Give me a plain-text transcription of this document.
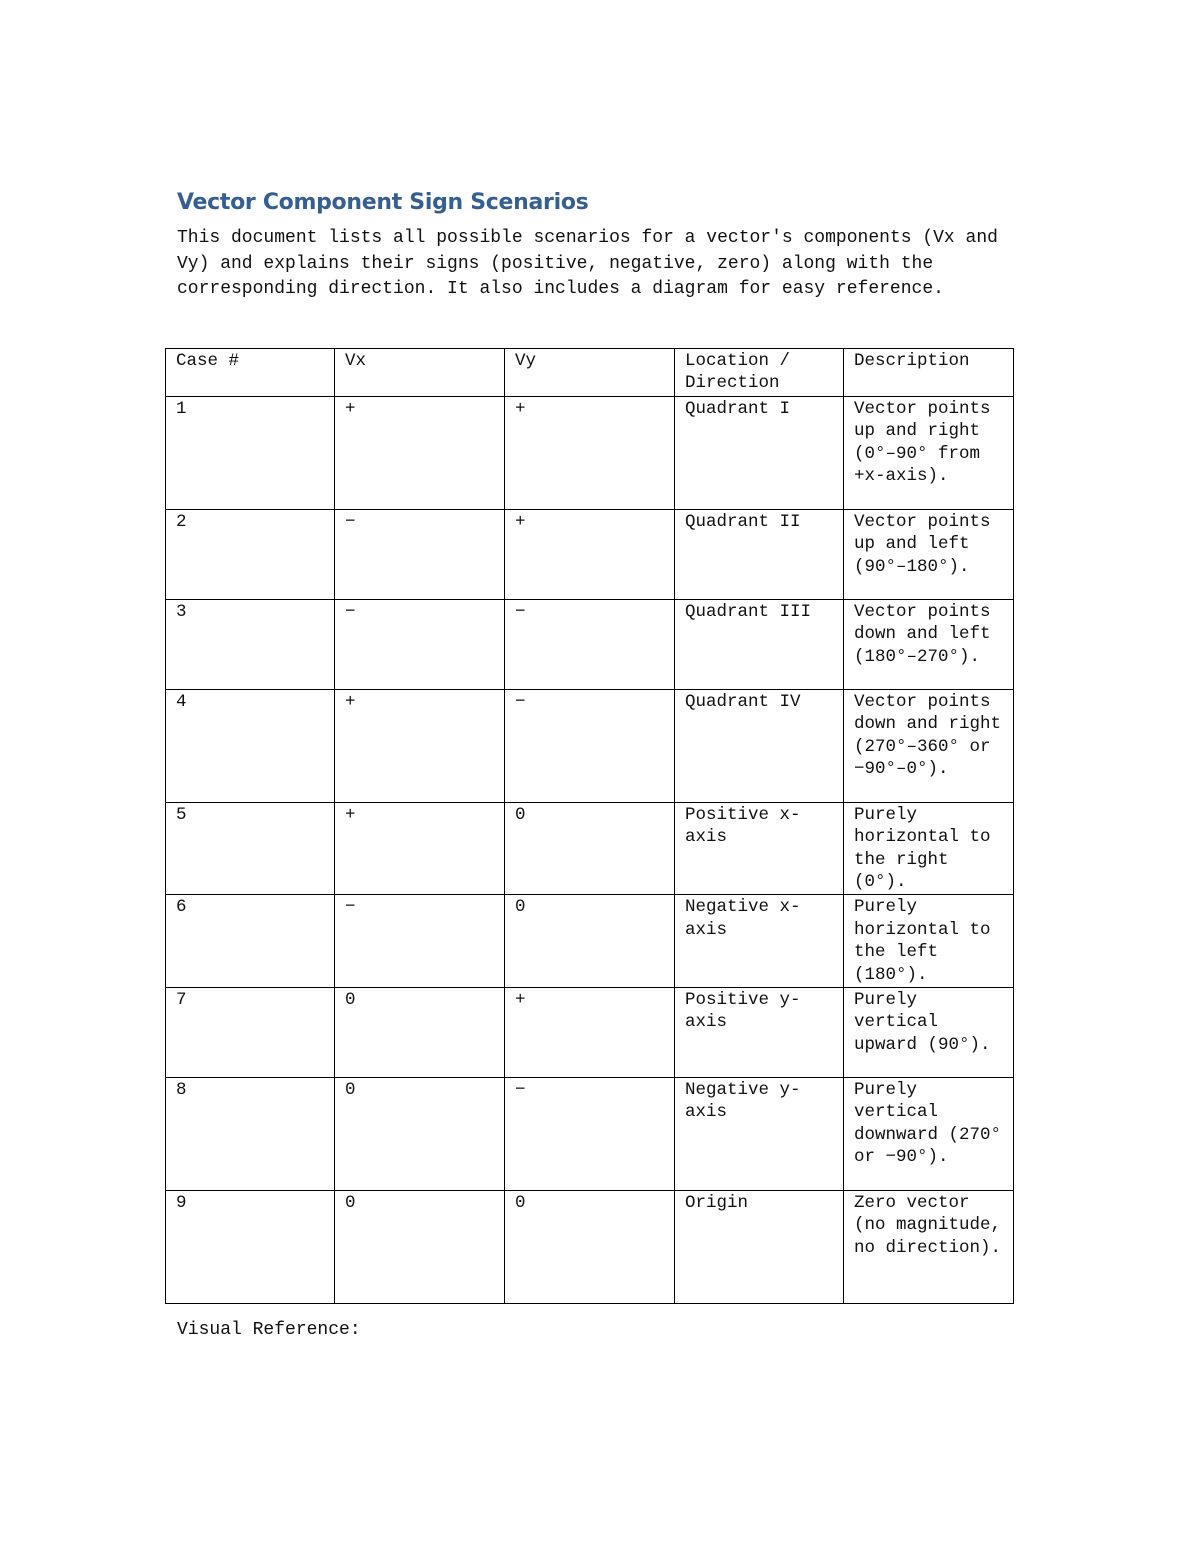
Vector Component Sign Scenarios

This document lists all possible scenarios for a vector's components (Vx and Vy) and explains their signs (positive, negative, zero) along with the corresponding direction. It also includes a diagram for easy reference.

Case #	Vx	Vy	Location / Direction	Description
1	+	+	Quadrant I	Vector points up and right (0°–90° from +x-axis).
2	−	+	Quadrant II	Vector points up and left (90°–180°).
3	−	−	Quadrant III	Vector points down and left (180°–270°).
4	+	−	Quadrant IV	Vector points down and right (270°–360° or −90°–0°).
5	+	0	Positive x-axis	Purely horizontal to the right (0°).
6	−	0	Negative x-axis	Purely horizontal to the left (180°).
7	0	+	Positive y-axis	Purely vertical upward (90°).
8	0	−	Negative y-axis	Purely vertical downward (270° or −90°).
9	0	0	Origin	Zero vector (no magnitude, no direction).

Visual Reference:
